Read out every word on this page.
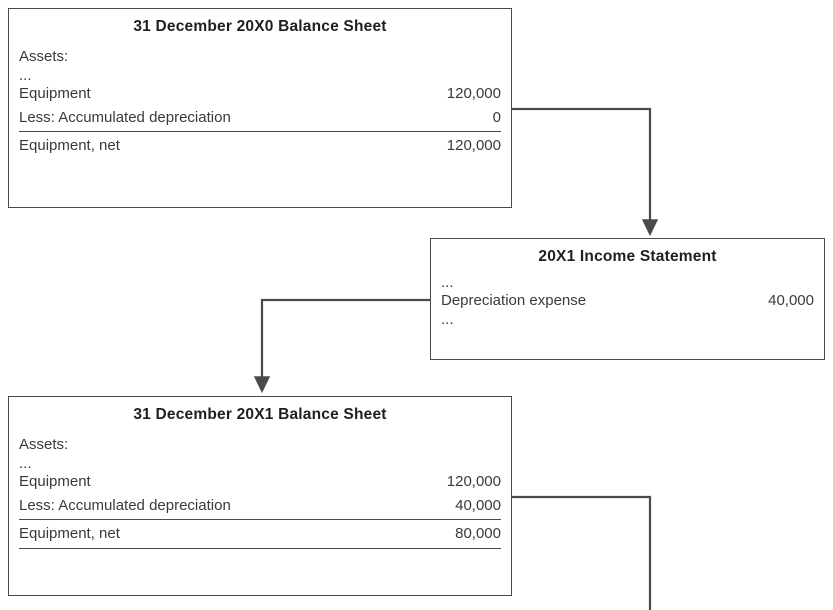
31 December 20X0 Balance Sheet
Assets:
...
Equipment	120,000
Less: Accumulated depreciation	0
Equipment, net	120,000
20X1 Income Statement
...
Depreciation expense	40,000
...
31 December 20X1 Balance Sheet
Assets:
...
Equipment	120,000
Less: Accumulated depreciation	40,000
Equipment, net	80,000
